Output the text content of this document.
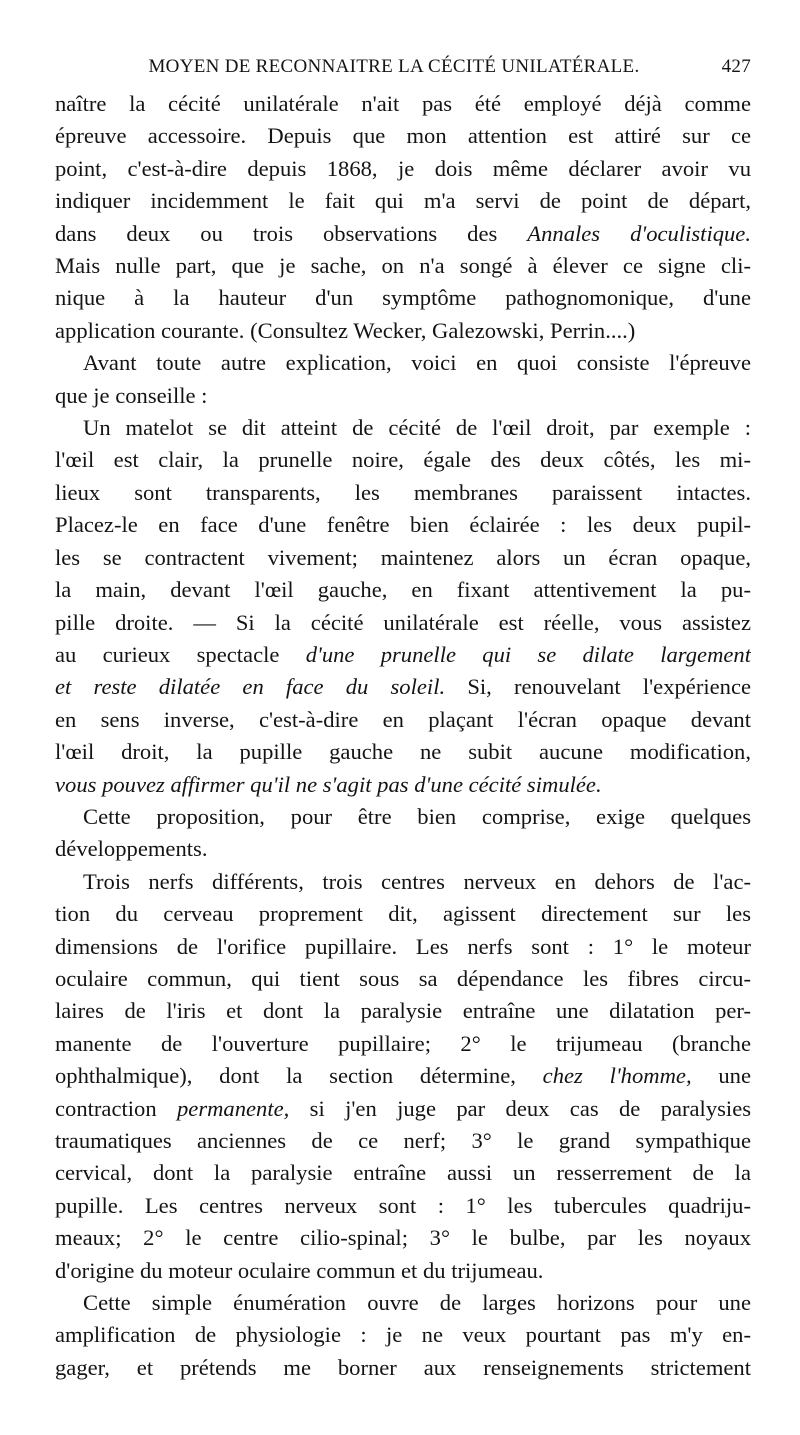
MOYEN DE RECONNAITRE LA CÉCITÉ UNILATÉRALE.	427

naître la cécité unilatérale n'ait pas été employé déjà comme
épreuve accessoire. Depuis que mon attention est attiré sur ce
point, c'est-à-dire depuis 1868, je dois même déclarer avoir vu
indiquer incidemment le fait qui m'a servi de point de départ,
dans deux ou trois observations des Annales d'oculistique.
Mais nulle part, que je sache, on n'a songé à élever ce signe cli-
nique à la hauteur d'un symptôme pathognomonique, d'une
application courante. (Consultez Wecker, Galezowski, Perrin....)

Avant toute autre explication, voici en quoi consiste l'épreuve
que je conseille :

Un matelot se dit atteint de cécité de l'œil droit, par exemple :
l'œil est clair, la prunelle noire, égale des deux côtés, les mi-
lieux sont transparents, les membranes paraissent intactes.
Placez-le en face d'une fenêtre bien éclairée : les deux pupil-
les se contractent vivement; maintenez alors un écran opaque,
la main, devant l'œil gauche, en fixant attentivement la pu-
pille droite. — Si la cécité unilatérale est réelle, vous assistez
au curieux spectacle d'une prunelle qui se dilate largement
et reste dilatée en face du soleil. Si, renouvelant l'expérience
en sens inverse, c'est-à-dire en plaçant l'écran opaque devant
l'œil droit, la pupille gauche ne subit aucune modification,
vous pouvez affirmer qu'il ne s'agit pas d'une cécité simulée.

Cette proposition, pour être bien comprise, exige quelques
développements.

Trois nerfs différents, trois centres nerveux en dehors de l'ac-
tion du cerveau proprement dit, agissent directement sur les
dimensions de l'orifice pupillaire. Les nerfs sont : 1° le moteur
oculaire commun, qui tient sous sa dépendance les fibres circu-
laires de l'iris et dont la paralysie entraîne une dilatation per-
manente de l'ouverture pupillaire; 2° le trijumeau (branche
ophthalmique), dont la section détermine, chez l'homme, une
contraction permanente, si j'en juge par deux cas de paralysies
traumatiques anciennes de ce nerf; 3° le grand sympathique
cervical, dont la paralysie entraîne aussi un resserrement de la
pupille. Les centres nerveux sont : 1° les tubercules quadriju-
meaux; 2° le centre cilio-spinal; 3° le bulbe, par les noyaux
d'origine du moteur oculaire commun et du trijumeau.

Cette simple énumération ouvre de larges horizons pour une
amplification de physiologie : je ne veux pourtant pas m'y en-
gager, et prétends me borner aux renseignements strictement
